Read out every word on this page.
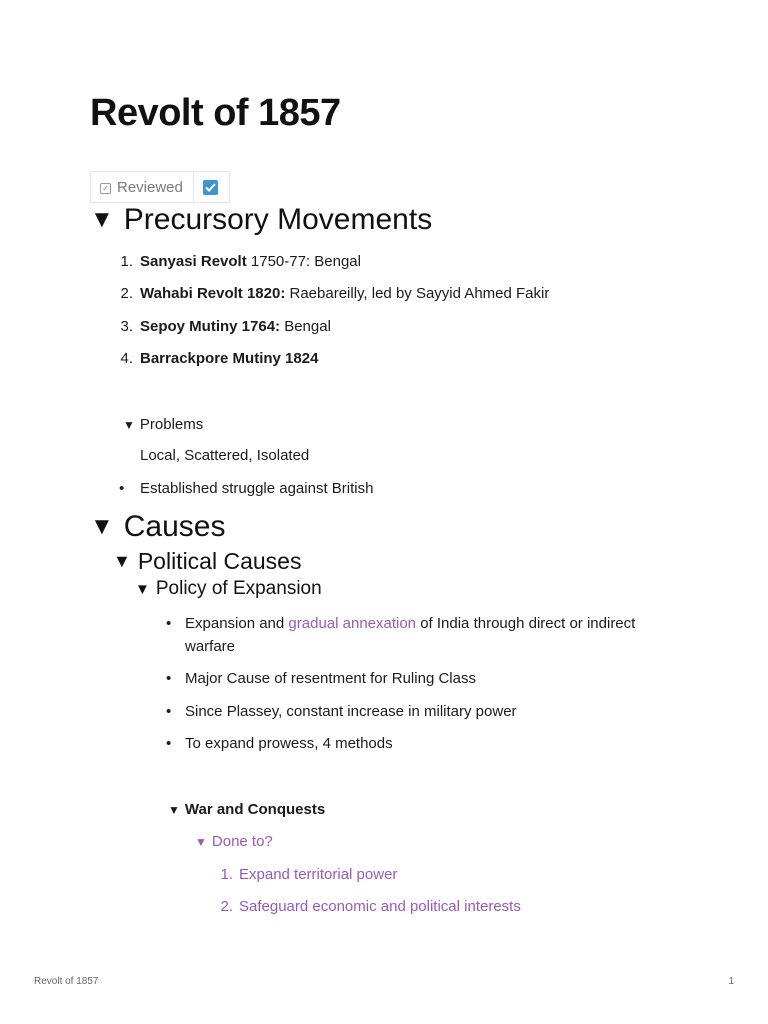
Revolt of 1857
✓ Reviewed
▼ Precursory Movements
1. Sanyasi Revolt 1750-77: Bengal
2. Wahabi Revolt 1820: Raebareilly, led by Sayyid Ahmed Fakir
3. Sepoy Mutiny 1764: Bengal
4. Barrackpore Mutiny 1824
▼ Problems
Local, Scattered, Isolated
• Established struggle against British
▼ Causes
▼ Political Causes
▼ Policy of Expansion
• Expansion and gradual annexation of India through direct or indirect
warfare
• Major Cause of resentment for Ruling Class
• Since Plassey, constant increase in military power
• To expand prowess, 4 methods
▼ War and Conquests
▼ Done to?
1. Expand territorial power
2. Safeguard economic and political interests
Revolt of 1857	1
